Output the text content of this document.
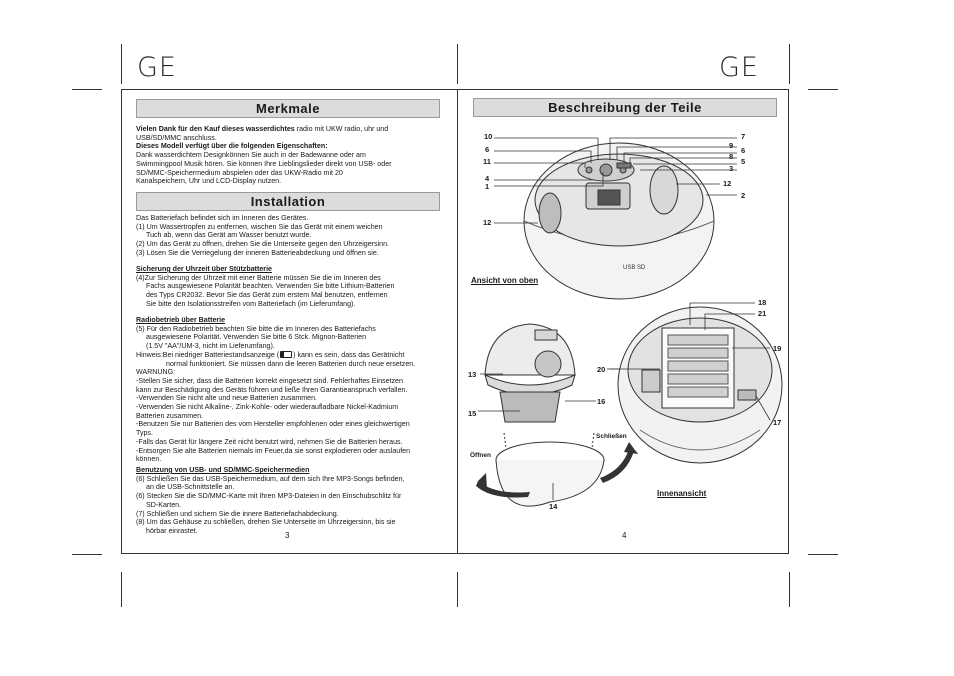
GE	GE
Merkmale

Vielen Dank für den Kauf dieses wasserdichtes radio mit UKW radio, uhr und

USB/SD/MMC anschluss.

Dieses Modell verfügt über die folgenden Eigenschaften:

Dank wasserdichtem Designkönnen Sie auch in der Badewanne oder am

Swimmingpool Musik hören. Sie können Ihre Lieblingslieder direkt von USB- oder

SD/MMC-Speichermedium abspielen oder das UKW-Radio mit 20

Kanalspeichern, Uhr und LCD-Display nutzen.

Installation

Das Batteriefach befindet sich im Inneren des Gerätes.

(1) Um Wassertropfen zu entfernen, wischen Sie das Gerät mit einem weichen

Tuch ab, wenn das Gerät am Wasser benutzt wurde.

(2) Um das Gerät zu öffnen, drehen Sie die Unterseite gegen den Uhrzeigersinn.

(3) Lösen Sie die Verriegelung der inneren Batterieabdeckung und öffnen sie.

Sicherung der Uhrzeit über Stützbatterie

(4)Zur Sicherung der Uhrzeit mit einer Batterie müssen Sie die im Inneren des

Fachs ausgewiesene Polarität beachten. Verwenden Sie bitte Lithium-Batterien

des Typs CR2032. Bevor Sie das Gerät zum erstem Mal benutzen, entfernen

Sie bitte den Isolationsstreifen vom Batteriefach (im Lieferumfang).

Radiobetrieb über Batterie

(5) Für den Radiobetrieb beachten Sie bitte die im Inneren des Batteriefachs

ausgewiesene Polarität. Verwenden Sie bitte 6 Stck. Mignon-Batterien

(1.5V "AA"/UM-3, nicht im Lieferumfang).

Hinweis:Bei niedriger Batteriestandsanzeige ( ) kann es sein, dass das Gerätnicht

normal funktioniert. Sie müssen dann die leeren Batterien durch neue ersetzen.

WARNUNG:

-Stellen Sie sicher, dass die Batterien korrekt eingesetzt sind. Fehlerhaftes Einsetzen

kann zur Beschädigung des Geräts führen und ließe Ihren Garantieanspruch verfallen.

-Verwenden Sie nicht alte und neue Batterien zusammen.

-Verwenden Sie nicht Alkaline-, Zink-Kohle- oder wiederaufladbare Nickel-Kadmium

Batterien zusammen.

-Benutzen Sie nur Batterien des vom Hersteller empfohlenen oder eines gleichwertigen

Typs.

-Falls das Gerät für längere Zeit nicht benutzt wird, nehmen Sie die Batterien heraus.

-Entsorgen Sie alte Batterien niemals im Feuer,da sie sonst explodieren oder auslaufen

können.

Benutzung von USB- und SD/MMC-Speichermedien

(6) Schließen Sie das USB-Speichermedium, auf dem sich Ihre MP3-Songs befinden,

an die USB-Schnittstelle an.

(6) Stecken Sie die SD/MMC-Karte mit Ihren MP3-Dateien in den Einschubschlitz für

SD-Karten.

(7) Schließen und sichern Sie die innere Batteriefachabdeckung.

(8) Um das Gehäuse zu schließen, drehen Sie Unterseite im Uhrzeigersinn, bis sie

hörbar einrastet.

3
Beschreibung der Teile
USB SD
10
6
11
4
1
12
7
9
6
8
5
3
12
2
Ansicht von oben
18
21
19
17
20
13
16
15
14
Öffnen
Schließen
Innenansicht
4
